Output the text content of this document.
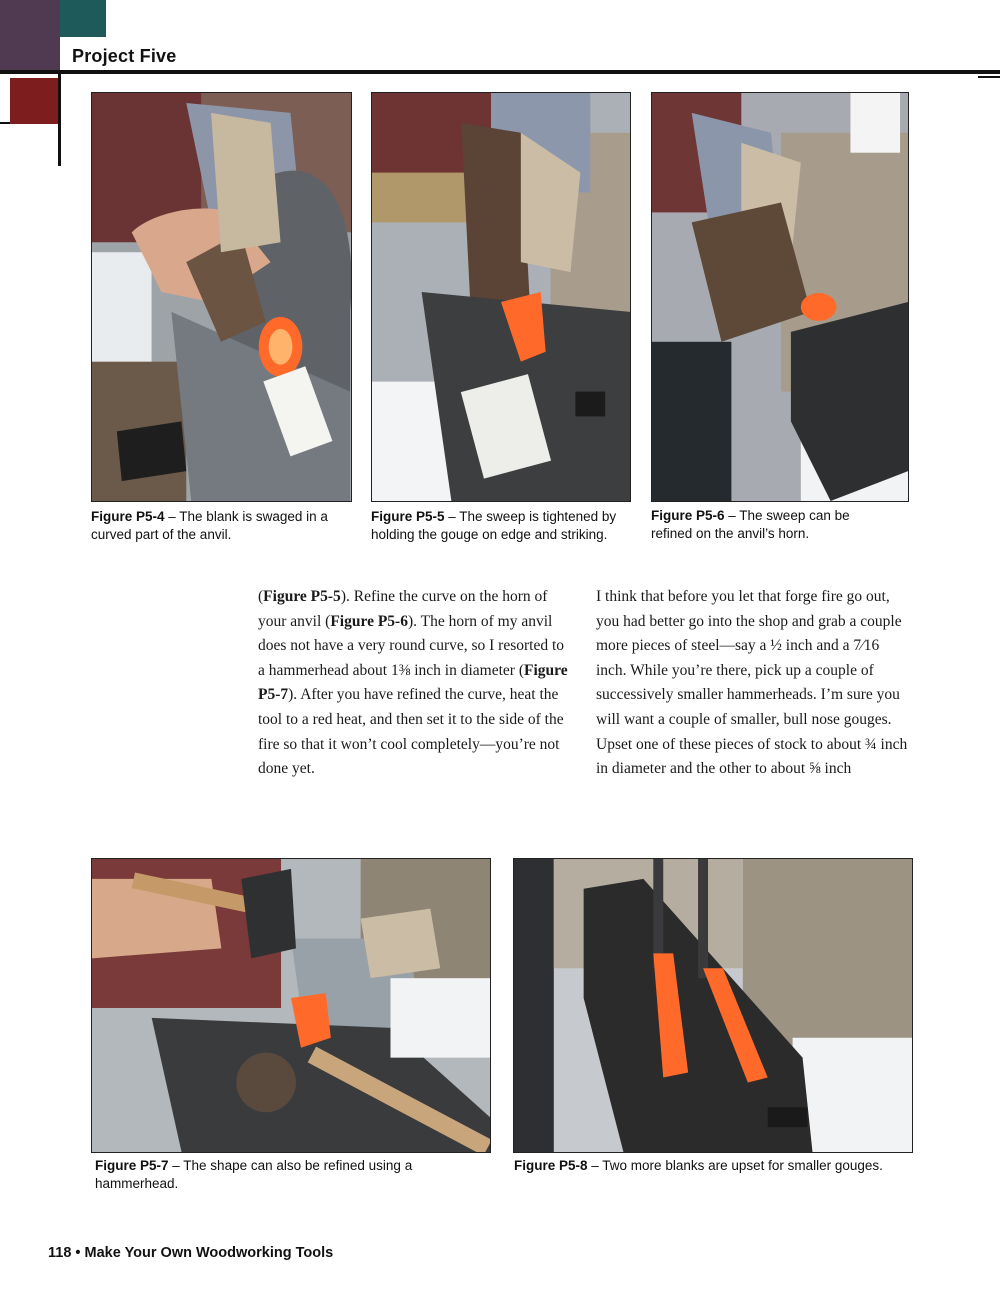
Project Five
Figure P5-4 – The blank is swaged in a curved part of the anvil.
Figure P5-5 – The sweep is tightened by holding the gouge on edge and striking.
Figure P5-6 – The sweep can be refined on the anvil’s horn.
(Figure P5-5). Refine the curve on the horn of your anvil (Figure P5-6). The horn of my anvil does not have a very round curve, so I resorted to a hammerhead about 1⅜ inch in diameter (Figure P5-7). After you have refined the curve, heat the tool to a red heat, and then set it to the side of the fire so that it won’t cool completely—you’re not done yet.
I think that before you let that forge fire go out, you had better go into the shop and grab a couple more pieces of steel—say a ½ inch and a 7⁄16 inch. While you’re there, pick up a couple of successively smaller hammerheads. I’m sure you will want a couple of smaller, bull nose gouges. Upset one of these pieces of stock to about ¾ inch in diameter and the other to about ⅝ inch
Figure P5-7 – The shape can also be refined using a hammerhead.
Figure P5-8 – Two more blanks are upset for smaller gouges.
118 • Make Your Own Woodworking Tools
